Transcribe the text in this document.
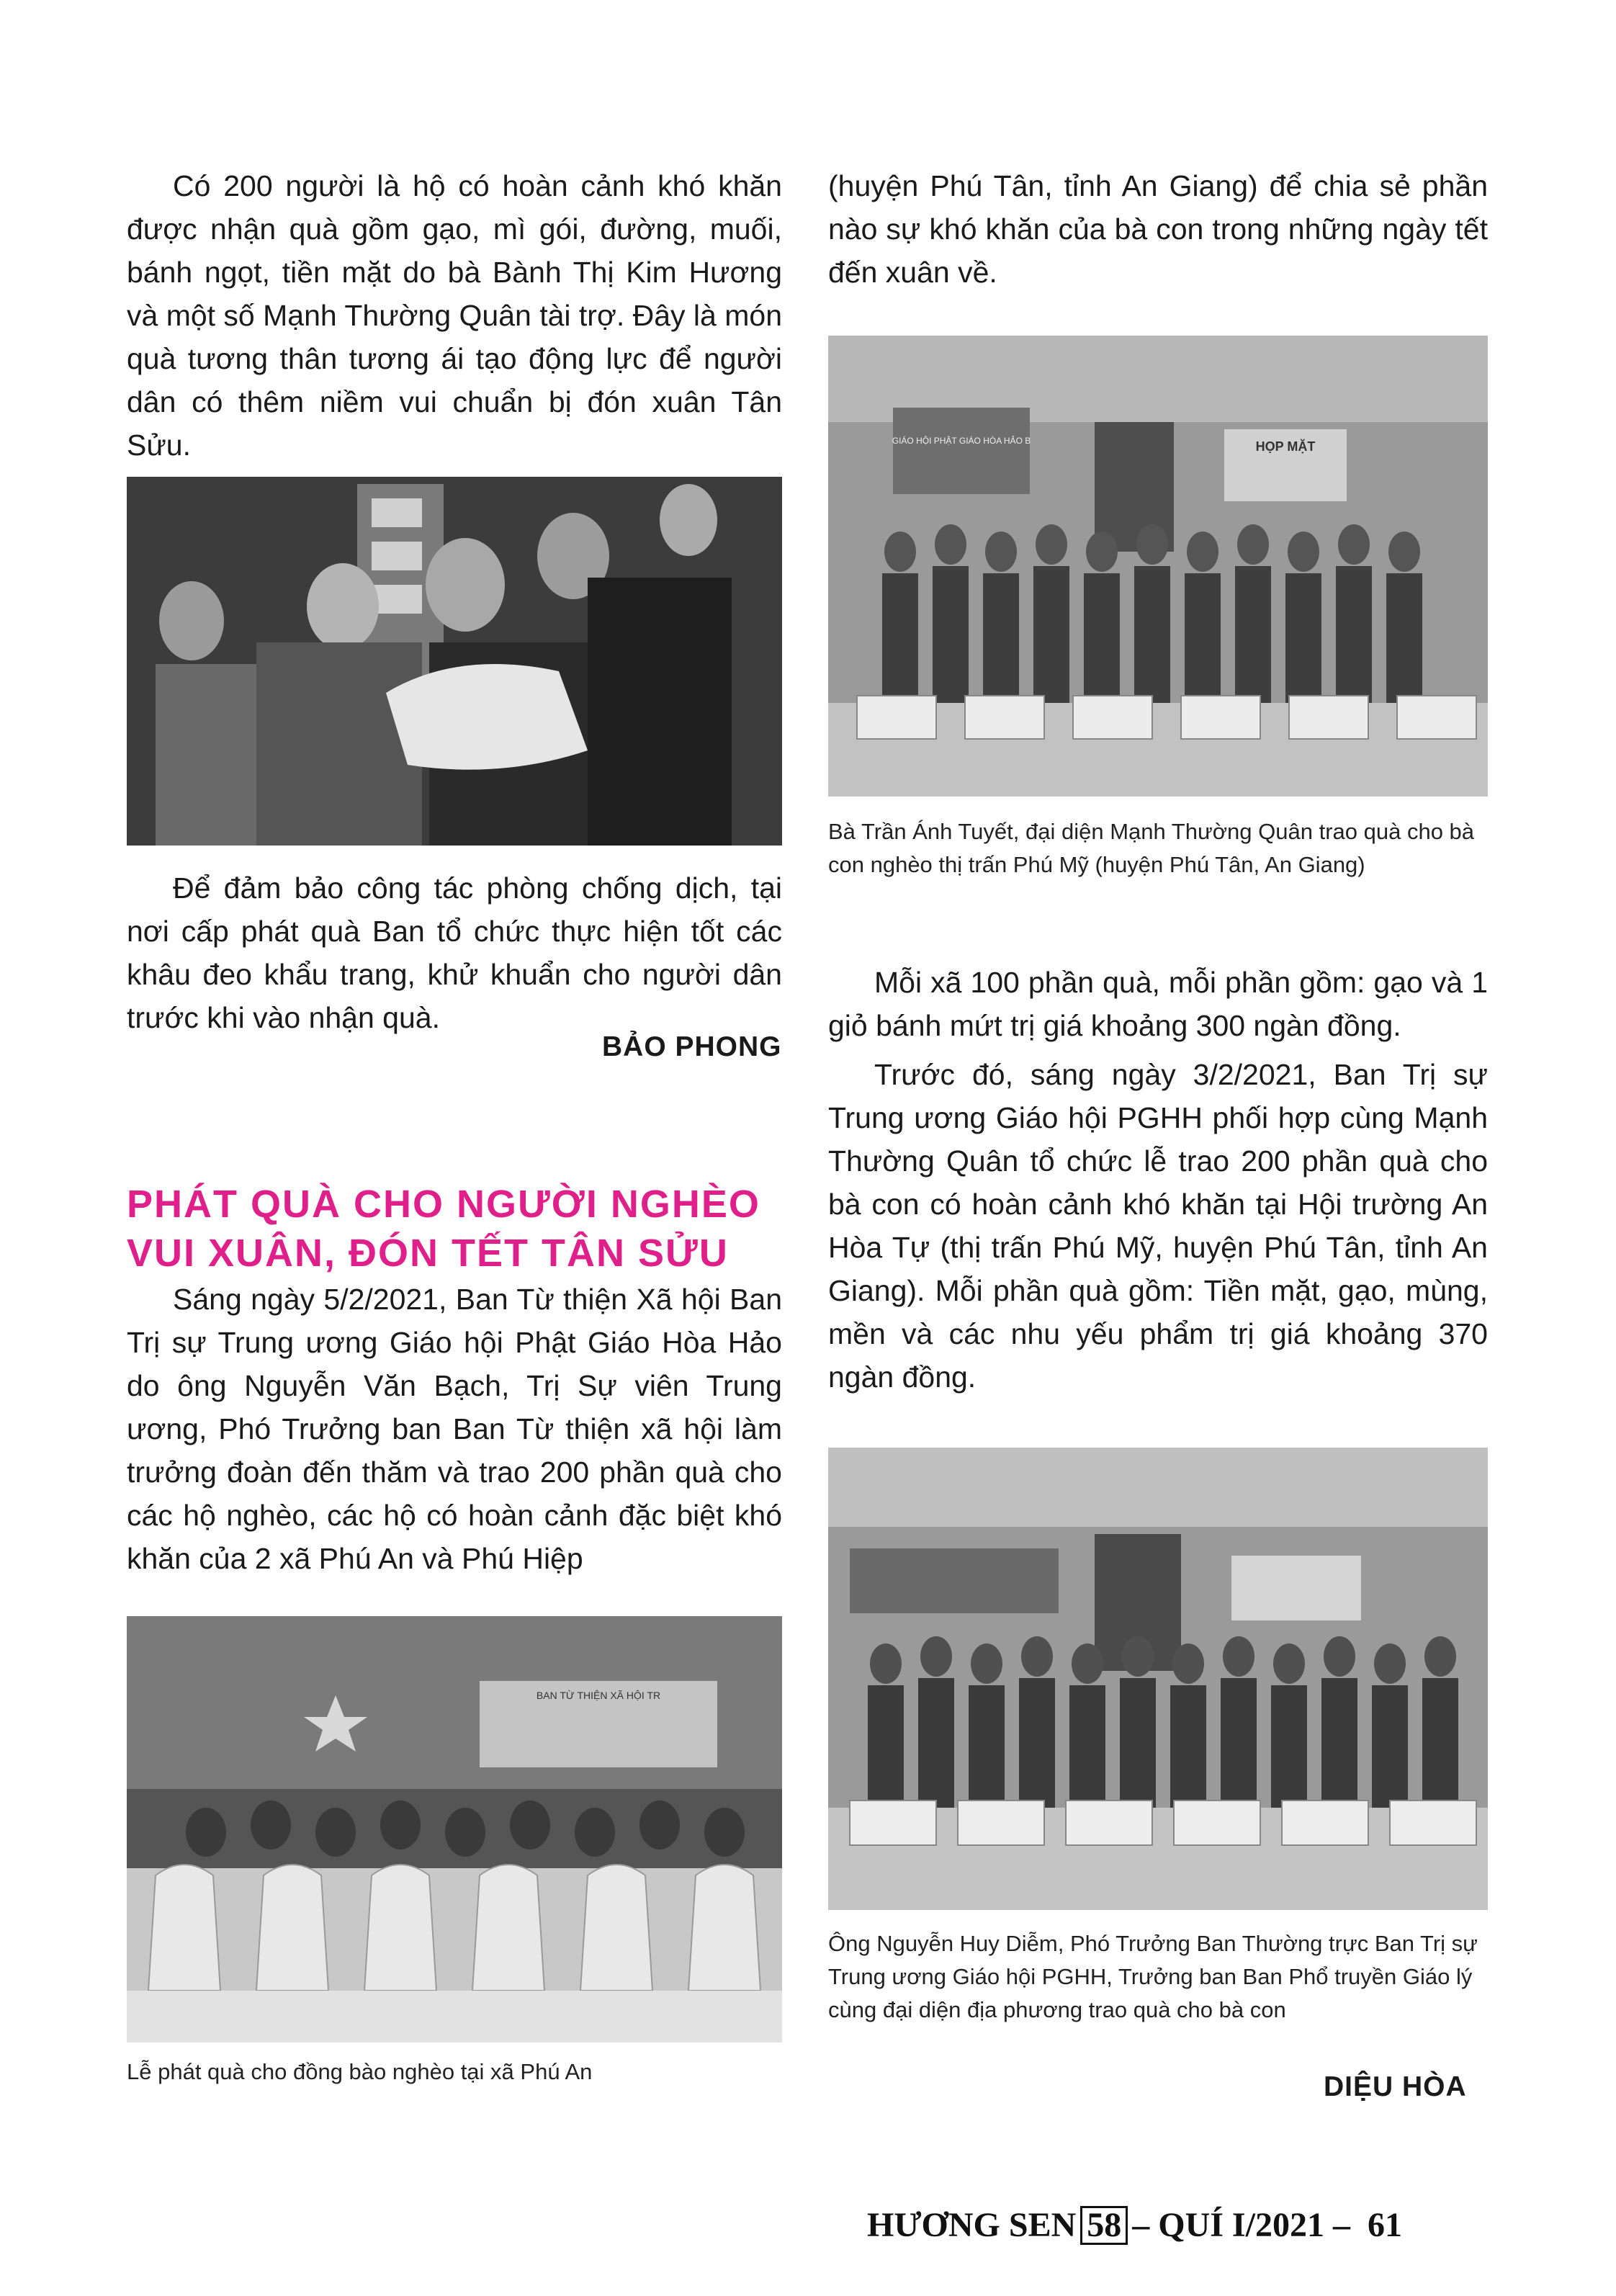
Có 200 người là hộ có hoàn cảnh khó khăn được nhận quà gồm gạo, mì gói, đường, muối, bánh ngọt, tiền mặt do bà Bành Thị Kim Hương và một số Mạnh Thường Quân tài trợ. Đây là món quà tương thân tương ái tạo động lực để người dân có thêm niềm vui chuẩn bị đón xuân Tân Sửu.

Để đảm bảo công tác phòng chống dịch, tại nơi cấp phát quà Ban tổ chức thực hiện tốt các khâu đeo khẩu trang, khử khuẩn cho người dân trước khi vào nhận quà.

BẢO PHONG
PHÁT QUÀ CHO NGƯỜI NGHÈO VUI XUÂN, ĐÓN TẾT TÂN SỬU

Sáng ngày 5/2/2021, Ban Từ thiện Xã hội Ban Trị sự Trung ương Giáo hội Phật Giáo Hòa Hảo do ông Nguyễn Văn Bạch, Trị Sự viên Trung ương, Phó Trưởng ban Ban Từ thiện xã hội làm trưởng đoàn đến thăm và trao 200 phần quà cho các hộ nghèo, các hộ có hoàn cảnh đặc biệt khó khăn của 2 xã Phú An và Phú Hiệp

BAN TỪ THIỆN XÃ HỘI TR
Lễ phát quà cho đồng bào nghèo tại xã Phú An

(huyện Phú Tân, tỉnh An Giang) để chia sẻ phần nào sự khó khăn của bà con trong những ngày tết đến xuân về.

GIÁO HỘI PHẬT GIÁO HÒA HẢO B	HỌP MẶT
Bà Trần Ánh Tuyết, đại diện Mạnh Thường Quân trao quà cho bà con nghèo thị trấn Phú Mỹ (huyện Phú Tân, An Giang)

Mỗi xã 100 phần quà, mỗi phần gồm: gạo và 1 giỏ bánh mứt trị giá khoảng 300 ngàn đồng.

Trước đó, sáng ngày 3/2/2021, Ban Trị sự Trung ương Giáo hội PGHH phối hợp cùng Mạnh Thường Quân tổ chức lễ trao 200 phần quà cho bà con có hoàn cảnh khó khăn tại Hội trường An Hòa Tự (thị trấn Phú Mỹ, huyện Phú Tân, tỉnh An Giang). Mỗi phần quà gồm: Tiền mặt, gạo, mùng, mền và các nhu yếu phẩm trị giá khoảng 370 ngàn đồng.

Ông Nguyễn Huy Diễm, Phó Trưởng Ban Thường trực Ban Trị sự Trung ương Giáo hội PGHH, Trưởng ban Ban Phổ truyền Giáo lý cùng đại diện địa phương trao quà cho bà con
DIỆU HÒA
HƯƠNG SEN 58 – QUÍ I/2021 – 61
